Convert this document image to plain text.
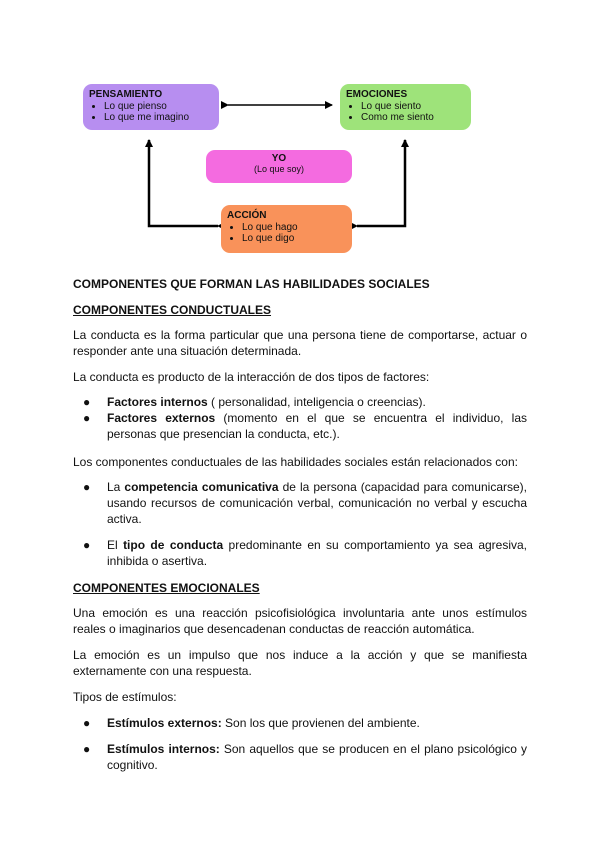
PENSAMIENTO
• Lo que pienso
• Lo que me imagino
EMOCIONES
• Lo que siento
• Como me siento
YO
(Lo que soy)
ACCIÓN
• Lo que hago
• Lo que digo
COMPONENTES QUE FORMAN LAS HABILIDADES SOCIALES
COMPONENTES CONDUCTUALES

La conducta es la forma particular que una persona tiene de comportarse, actuar o responder ante una situación determinada.

La conducta es producto de la interacción de dos tipos de factores:

● Factores internos ( personalidad, inteligencia o creencias).
● Factores externos (momento en el que se encuentra el individuo, las personas que presencian la conducta, etc.).

Los componentes conductuales de las habilidades sociales están relacionados con:

● La competencia comunicativa de la persona (capacidad para comunicarse), usando recursos de comunicación verbal, comunicación no verbal y escucha activa.
● El tipo de conducta predominante en su comportamiento ya sea agresiva, inhibida o asertiva.
COMPONENTES EMOCIONALES

Una emoción es una reacción psicofisiológica involuntaria ante unos estímulos reales o imaginarios que desencadenan conductas de reacción automática.

La emoción es un impulso que nos induce a la acción y que se manifiesta externamente con una respuesta.

Tipos de estímulos:

● Estímulos externos: Son los que provienen del ambiente.
● Estímulos internos: Son aquellos que se producen en el plano psicológico y cognitivo.
